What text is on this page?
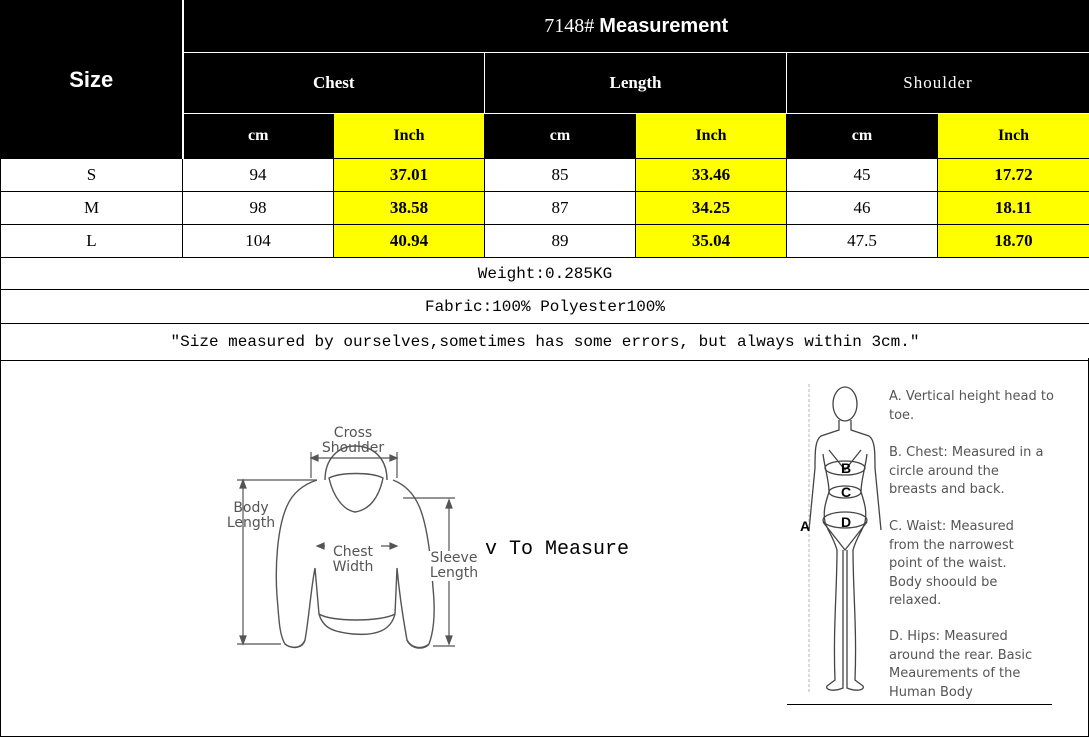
Size	7148# Measurement					
	Chest		Length		Shoulder	
	cm	Inch	cm	Inch	cm	Inch
S	94	37.01	85	33.46	45	17.72
M	98	38.58	87	34.25	46	18.11
L	104	40.94	89	35.04	47.5	18.70
Weight:0.285KG						
Fabric:100% Polyester100%						
"Size measured by ourselves,sometimes has some errors, but always within 3cm."						
Cross Shoulder
Body Length
Chest Width
Sleeve Length
v To Measure
A
B
C
D
A. Vertical height head to toe.
B. Chest: Measured in a circle around the breasts and back.
C. Waist: Measured from the narrowest point of the waist. Body shoould be relaxed.
D. Hips: Measured around the rear. Basic Meaurements of the Human Body
